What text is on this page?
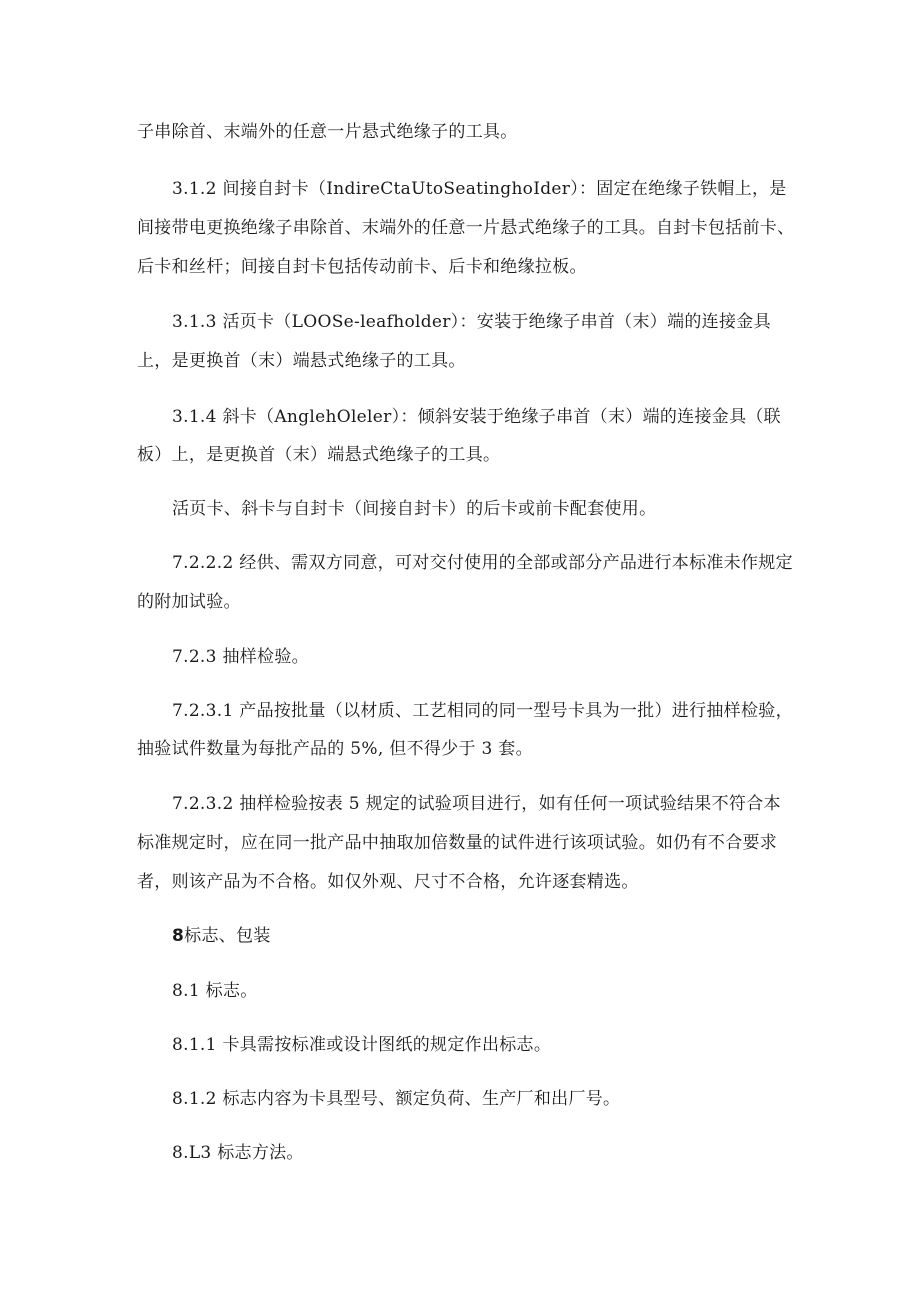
子串除首、末端外的任意一片悬式绝缘子的工具。
3.1.2 间接自封卡（IndireCtaUtoSeatinghoIder）：固定在绝缘子铁帽上，是
间接带电更换绝缘子串除首、末端外的任意一片悬式绝缘子的工具。自封卡包括前卡、
后卡和丝杆；间接自封卡包括传动前卡、后卡和绝缘拉板。
3.1.3 活页卡（LOOSe-leafholder）：安装于绝缘子串首（末）端的连接金具
上，是更换首（末）端悬式绝缘子的工具。
3.1.4 斜卡（AnglehOleler）：倾斜安装于绝缘子串首（末）端的连接金具（联
板）上，是更换首（末）端悬式绝缘子的工具。
活页卡、斜卡与自封卡（间接自封卡）的后卡或前卡配套使用。
7.2.2.2 经供、需双方同意，可对交付使用的全部或部分产品进行本标准未作规定
的附加试验。
7.2.3 抽样检验。
7.2.3.1 产品按批量（以材质、工艺相同的同一型号卡具为一批）进行抽样检验，
抽验试件数量为每批产品的 5%, 但不得少于 3 套。
7.2.3.2 抽样检验按表 5 规定的试验项目进行，如有任何一项试验结果不符合本
标准规定时，应在同一批产品中抽取加倍数量的试件进行该项试验。如仍有不合要求
者，则该产品为不合格。如仅外观、尺寸不合格，允许逐套精选。
8标志、包装
8.1 标志。
8.1.1 卡具需按标准或设计图纸的规定作出标志。
8.1.2 标志内容为卡具型号、额定负荷、生产厂和出厂号。
8.L3 标志方法。
